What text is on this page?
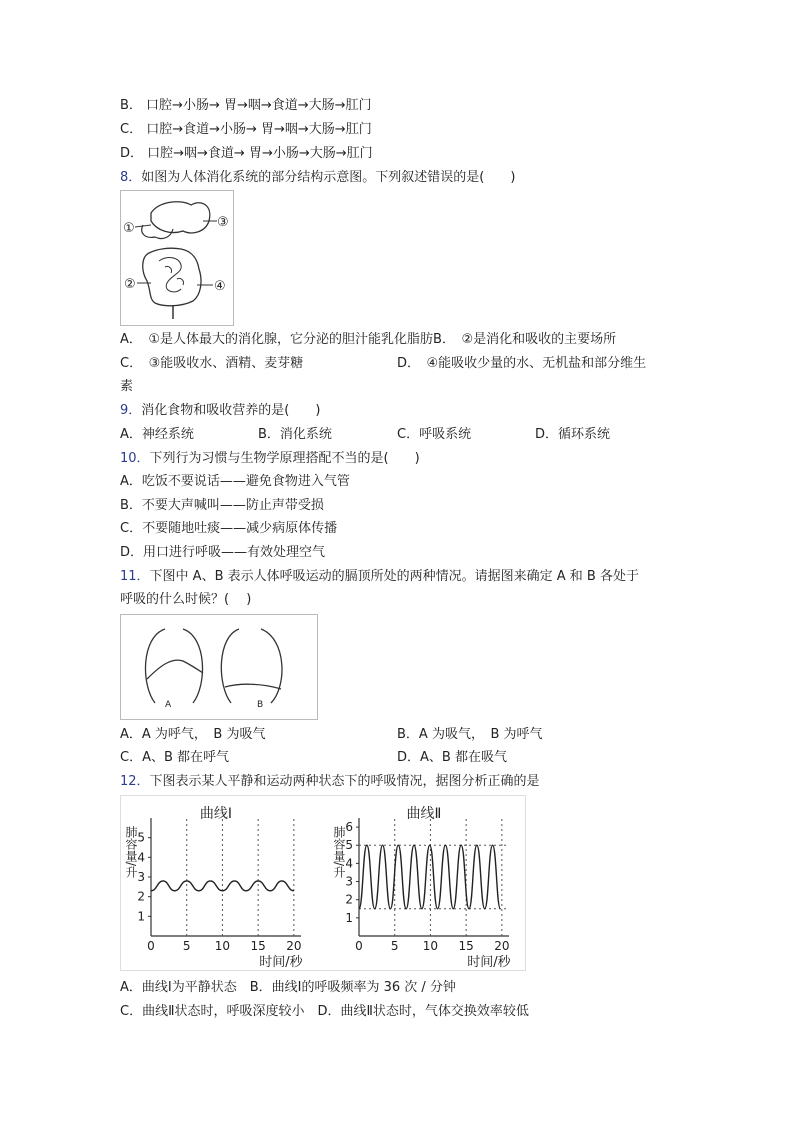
B． 口腔→小肠→ 胃→咽→食道→大肠→肛门
C． 口腔→食道→小肠→ 胃→咽→大肠→肛门
D． 口腔→咽→食道→ 胃→小肠→大肠→肛门
8．如图为人体消化系统的部分结构示意图。下列叙述错误的是(　　)
①	③
②	④
A．　①是人体最大的消化腺，它分泌的胆汁能乳化脂肪B．　②是消化和吸收的主要场所
C．　③能吸收水、酒精、麦芽糖	D．　④能吸收少量的水、无机盐和部分维生
素
9．消化食物和吸收营养的是(　　)
A．神经系统	B．消化系统	C．呼吸系统	D．循环系统
10．下列行为习惯与生物学原理搭配不当的是(　　)
A．吃饭不要说话——避免食物进入气管
B．不要大声喊叫——防止声带受损
C．不要随地吐痰——减少病原体传播
D．用口进行呼吸——有效处理空气
11．下图中 A、B 表示人体呼吸运动的膈顶所处的两种情况。请据图来确定 A 和 B 各处于
呼吸的什么时候？(　 )
A	B
A．A 为呼气，　B 为吸气	B．A 为吸气，　B 为呼气
C．A、B 都在呼气	D．A、B 都在吸气
12．下图表示某人平静和运动两种状态下的呼吸情况，据图分析正确的是
0 5 10 15 20
1
2
3
4
5
曲线Ⅰ
肺容量/升
时间/秒
0 5 10 15 20
1
2
3
4
5
6
曲线Ⅱ
肺容量/升
时间/秒
A．曲线Ⅰ为平静状态　B．曲线Ⅰ的呼吸频率为 36 次 / 分钟
C．曲线Ⅱ状态时，呼吸深度较小　D．曲线Ⅱ状态时，气体交换效率较低
